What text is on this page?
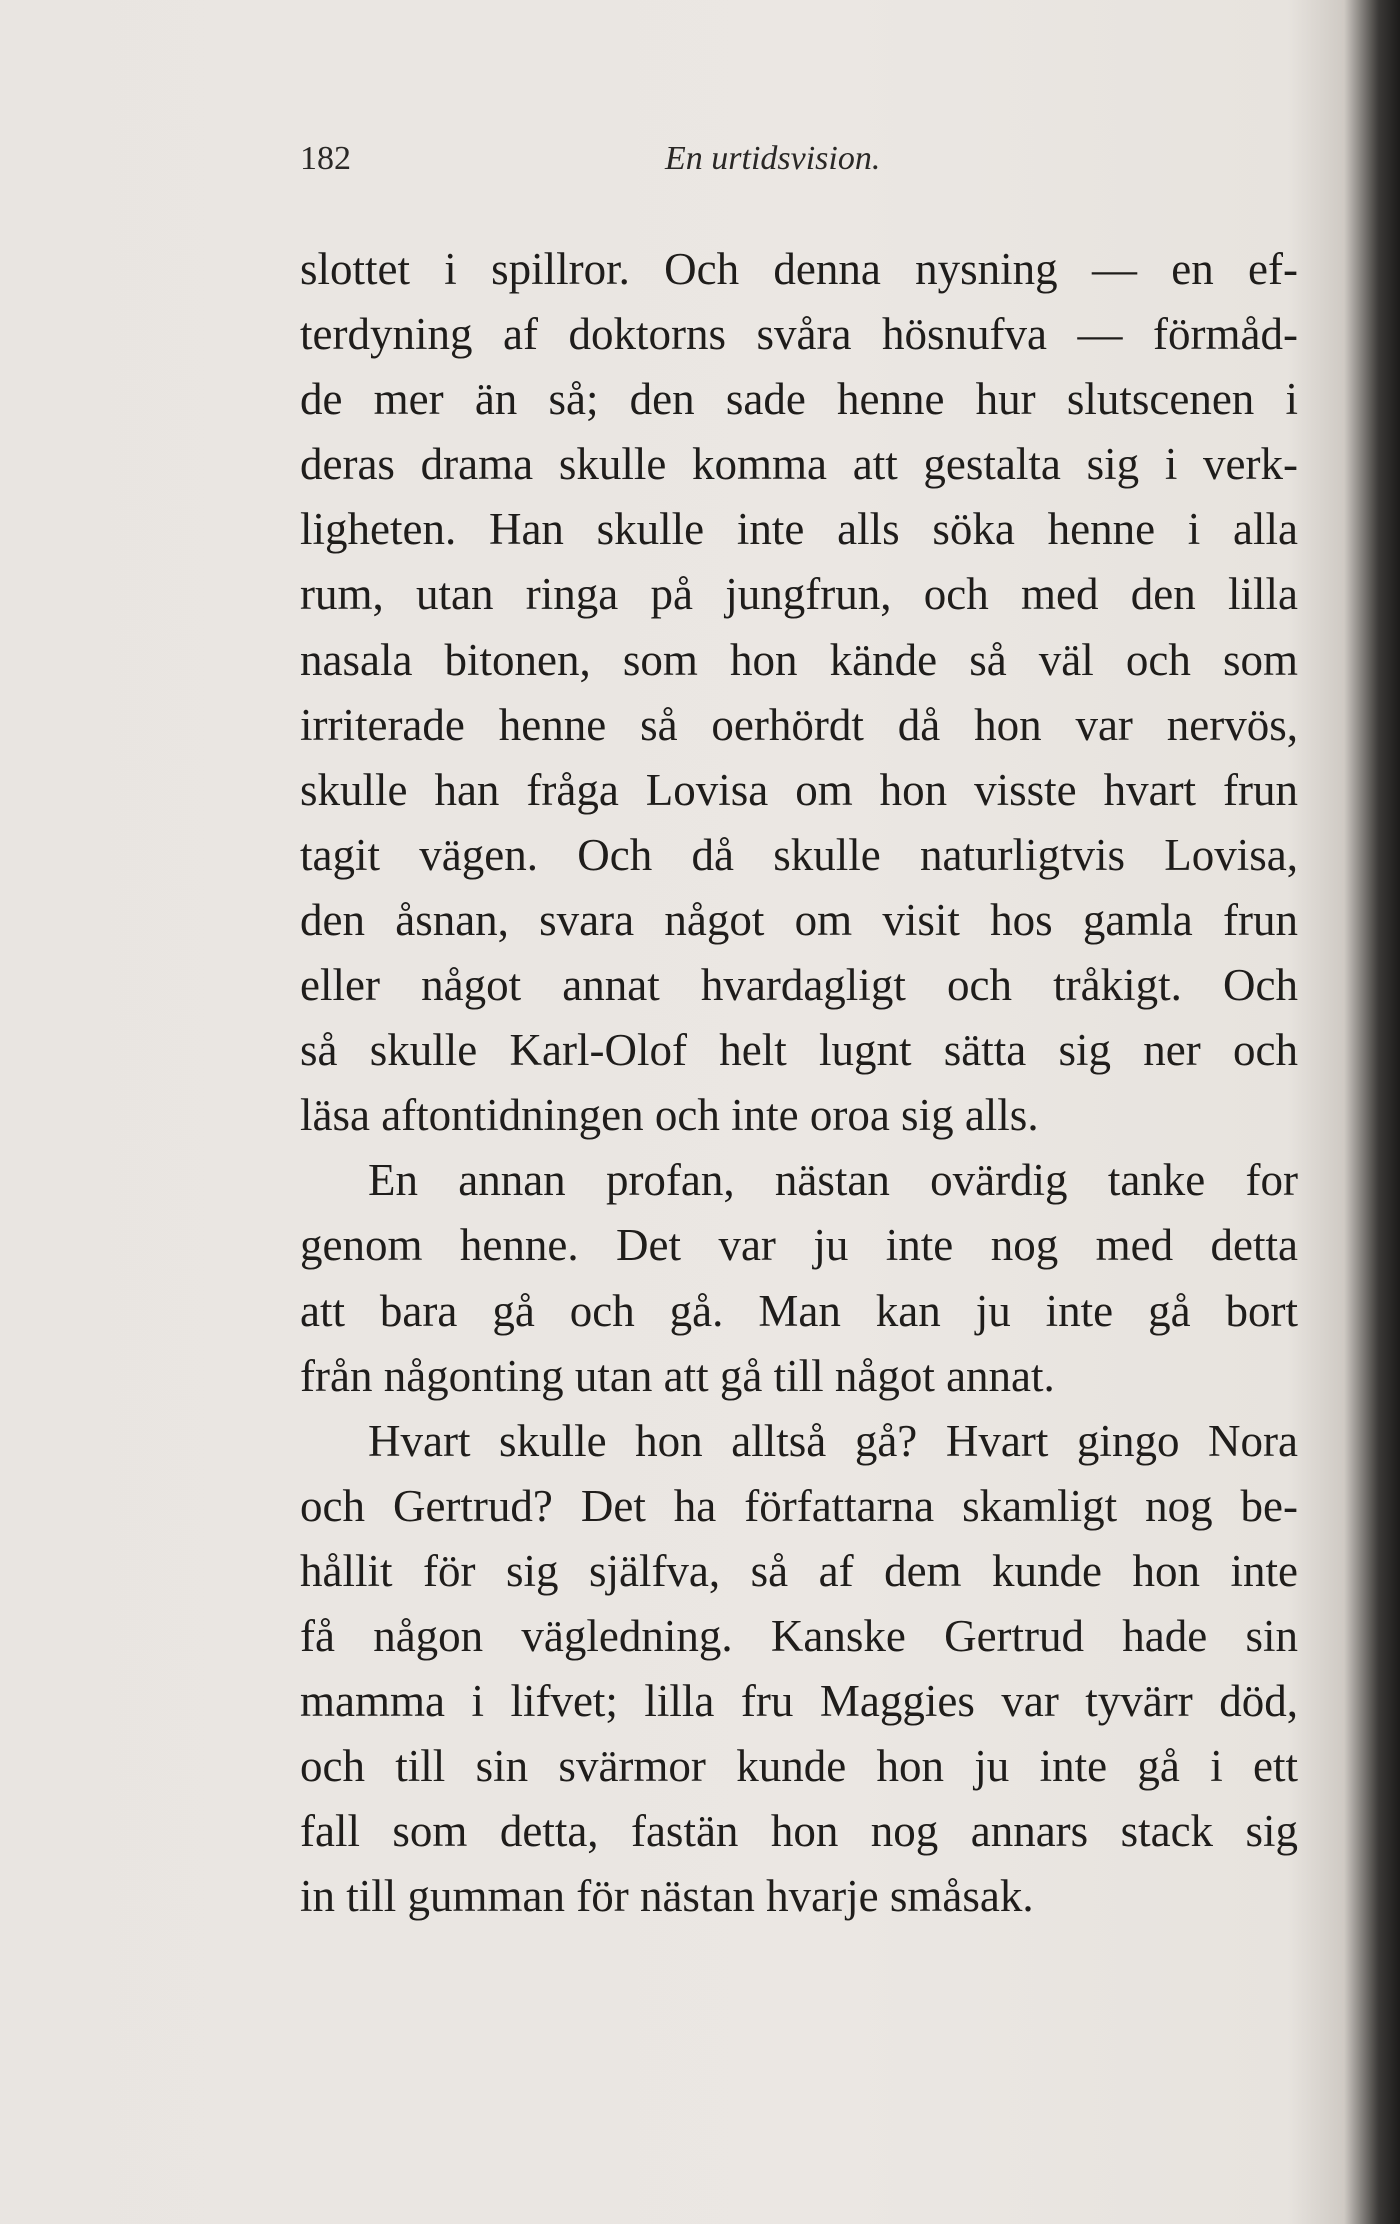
182	En urtidsvision.
slottet i spillror. Och denna nysning — en ef-
terdyning af doktorns svåra hösnufva — förmåd-
de mer än så; den sade henne hur slutscenen i
deras drama skulle komma att gestalta sig i verk-
ligheten. Han skulle inte alls söka henne i alla
rum, utan ringa på jungfrun, och med den lilla
nasala bitonen, som hon kände så väl och som
irriterade henne så oerhördt då hon var nervös,
skulle han fråga Lovisa om hon visste hvart frun
tagit vägen. Och då skulle naturligtvis Lovisa,
den åsnan, svara något om visit hos gamla frun
eller något annat hvardagligt och tråkigt. Och
så skulle Karl-Olof helt lugnt sätta sig ner och
läsa aftontidningen och inte oroa sig alls.
En annan profan, nästan ovärdig tanke for
genom henne. Det var ju inte nog med detta
att bara gå och gå. Man kan ju inte gå bort
från någonting utan att gå till något annat.
Hvart skulle hon alltså gå? Hvart gingo Nora
och Gertrud? Det ha författarna skamligt nog be-
hållit för sig själfva, så af dem kunde hon inte
få någon vägledning. Kanske Gertrud hade sin
mamma i lifvet; lilla fru Maggies var tyvärr död,
och till sin svärmor kunde hon ju inte gå i ett
fall som detta, fastän hon nog annars stack sig
in till gumman för nästan hvarje småsak.
